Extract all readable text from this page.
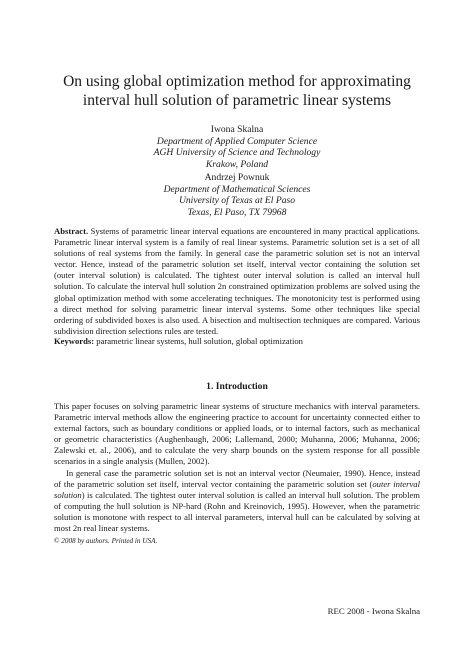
On using global optimization method for approximating
interval hull solution of parametric linear systems
Iwona Skalna
Department of Applied Computer Science
AGH University of Science and Technology
Krakow, Poland
Andrzej Pownuk
Department of Mathematical Sciences
University of Texas at El Paso
Texas, El Paso, TX 79968
Abstract. Systems of parametric linear interval equations are encountered in many practical applications. Parametric linear interval system is a family of real linear systems. Parametric solution set is a set of all solutions of real systems from the family. In general case the parametric solution set is not an interval vector. Hence, instead of the parametric solution set itself, interval vector containing the solution set (outer interval solution) is calculated. The tightest outer interval solution is called an interval hull solution. To calculate the interval hull solution 2n constrained optimization problems are solved using the global optimization method with some accelerating techniques. The monotonicity test is performed using a direct method for solving parametric linear interval systems. Some other techniques like special ordering of subdivided boxes is also used. A bisection and multisection techniques are compared. Various subdivision direction selections rules are tested.
Keywords: parametric linear systems, hull solution, global optimization
1. Introduction

This paper focuses on solving parametric linear systems of structure mechanics with interval parameters. Parametric interval methods allow the engineering practice to account for uncertainty connected either to external factors, such as boundary conditions or applied loads, or to internal factors, such as mechanical or geometric characteristics (Aughenbaugh, 2006; Lallemand, 2000; Muhanna, 2006; Muhanna, 2006; Zalewski et. al., 2006), and to calculate the very sharp bounds on the system response for all possible scenarios in a single analysis (Mullen, 2002).

In general case the parametric solution set is not an interval vector (Neumaier, 1990). Hence, instead of the parametric solution set itself, interval vector containing the parametric solution set (outer interval solution) is calculated. The tightest outer interval solution is called an interval hull solution. The problem of computing the hull solution is NP-hard (Rohn and Kreinovich, 1995). However, when the parametric solution is monotone with respect to all interval parameters, interval hull can be calculated by solving at most 2n real linear systems.

© 2008 by authors. Printed in USA.
REC 2008 - Iwona Skalna
